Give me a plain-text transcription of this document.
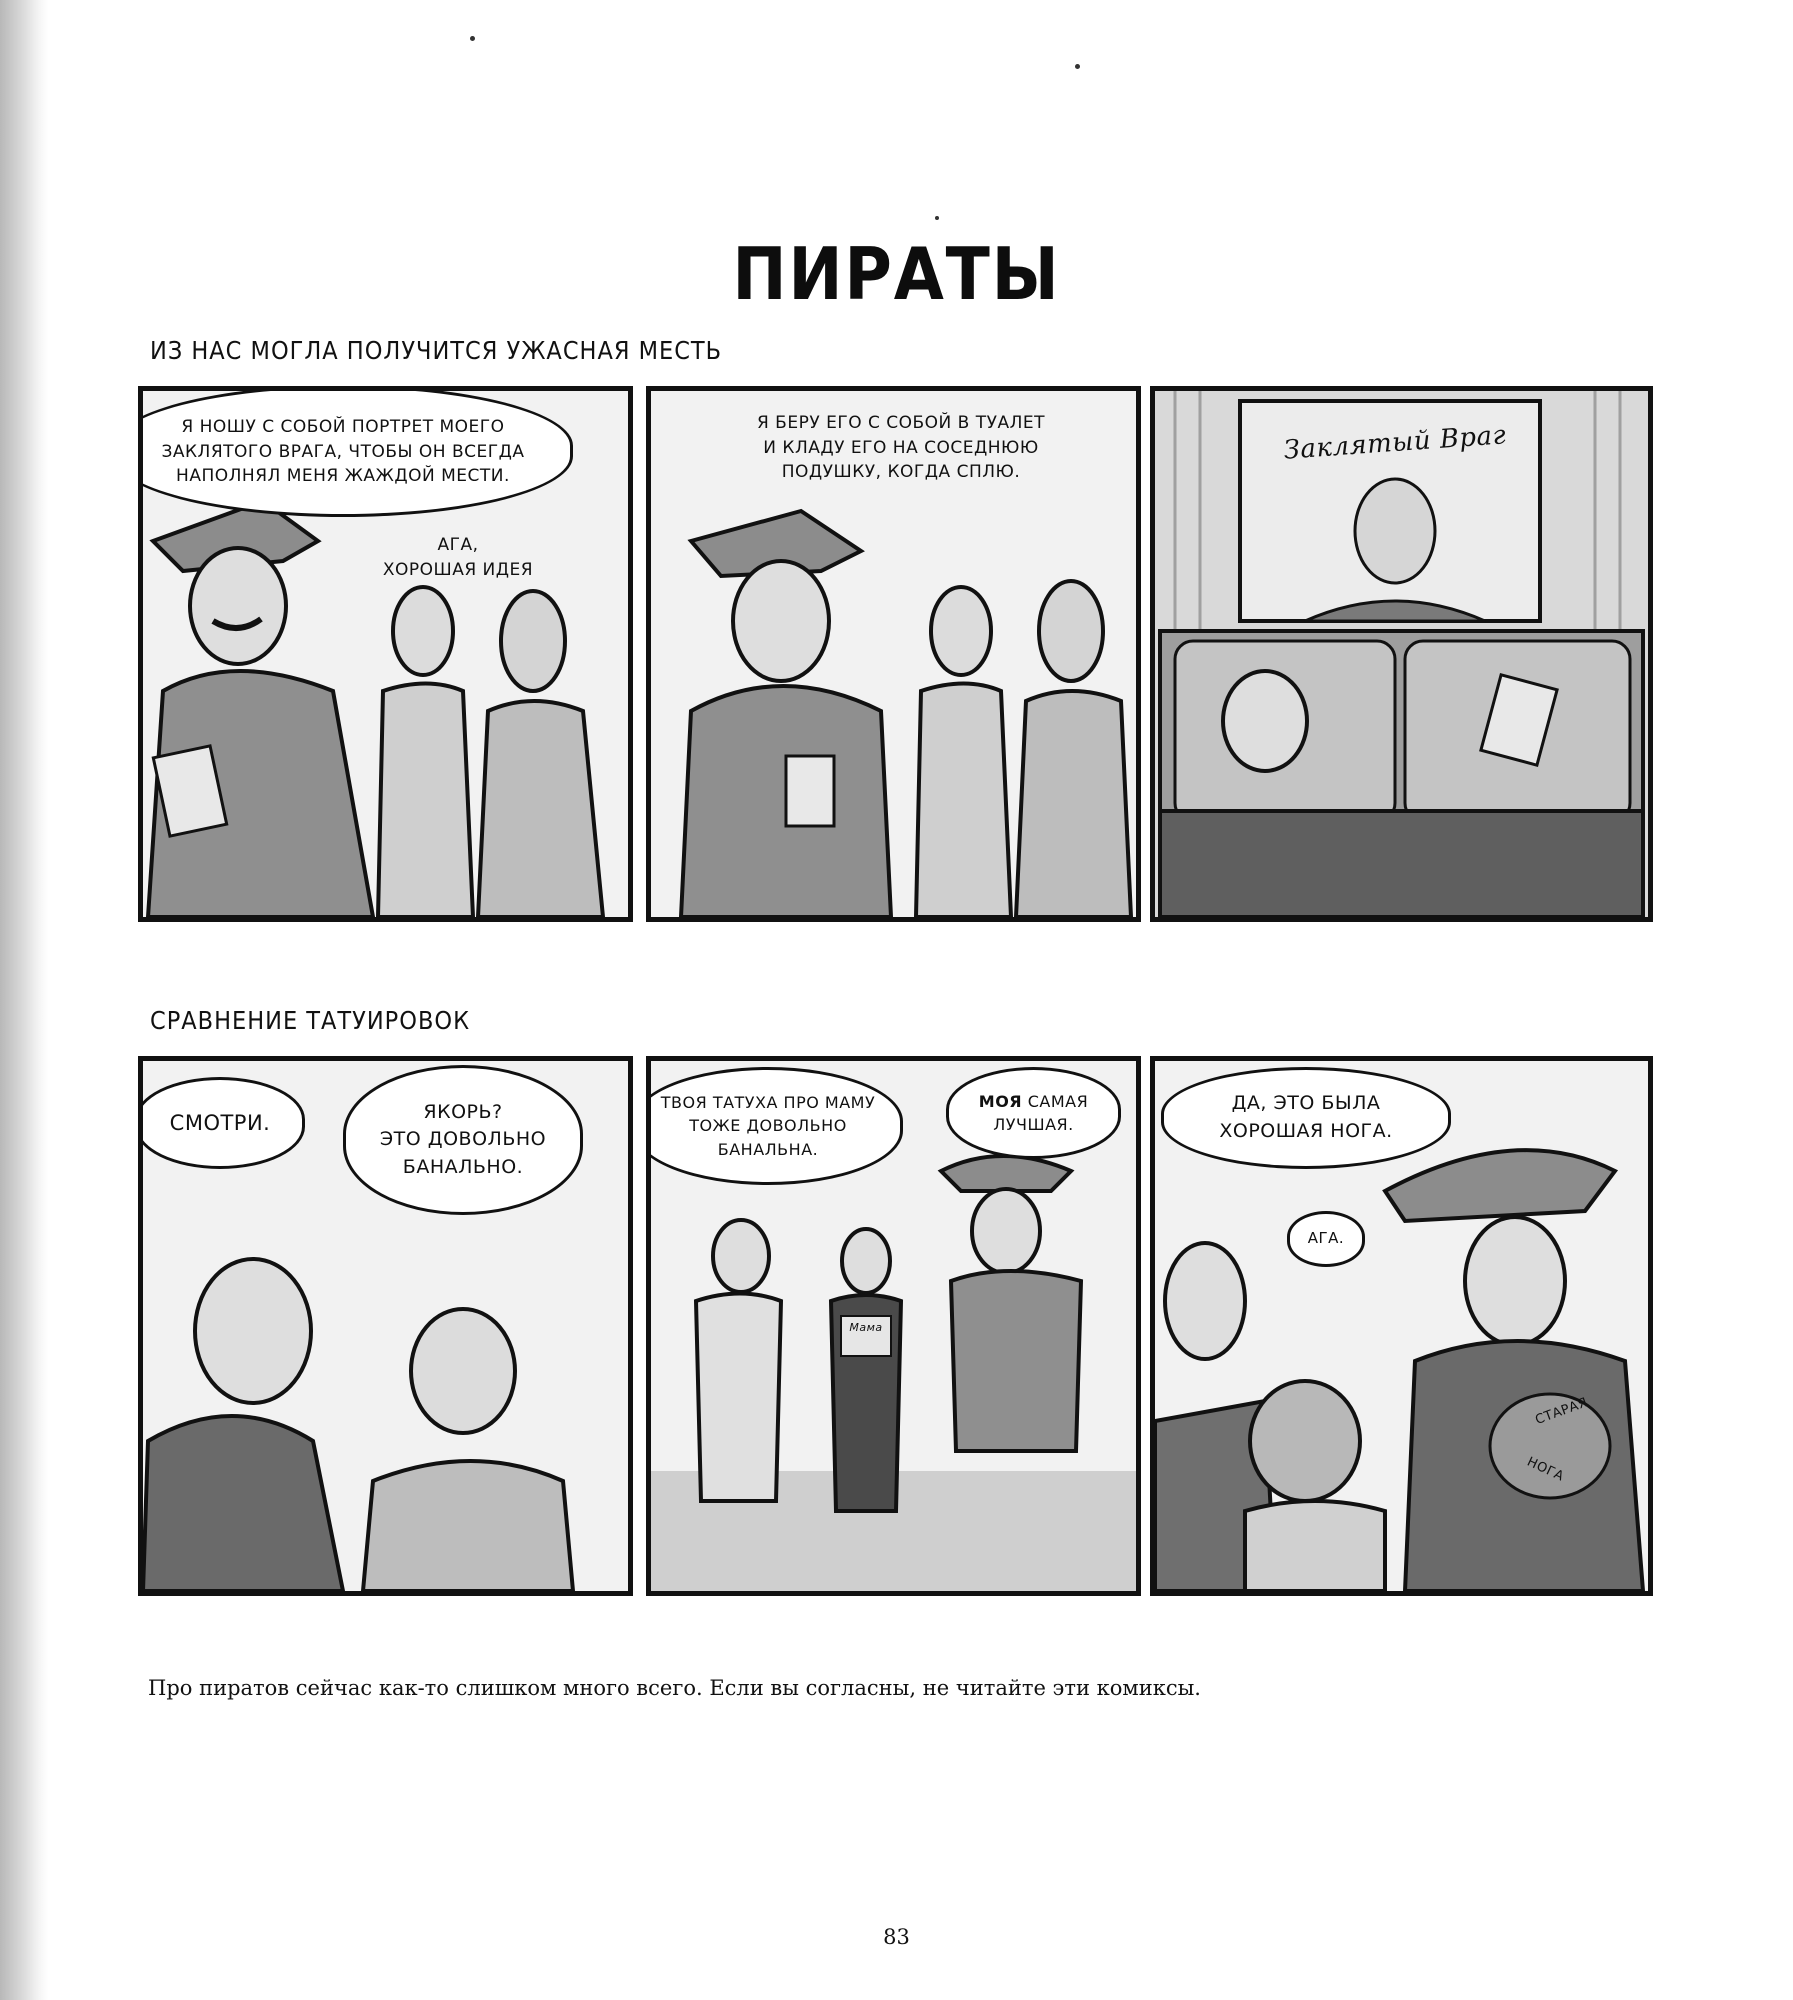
ПИРАТЫ
ИЗ НАС МОГЛА ПОЛУЧИТСЯ УЖАСНАЯ МЕСТЬ
Я НОШУ С СОБОЙ ПОРТРЕТ МОЕГО
ЗАКЛЯТОГО ВРАГА, ЧТОБЫ ОН ВСЕГДА
НАПОЛНЯЛ МЕНЯ ЖАЖДОЙ МЕСТИ.
АГА,
ХОРОШАЯ ИДЕЯ
Я БЕРУ ЕГО С СОБОЙ В ТУАЛЕТ
И КЛАДУ ЕГО НА СОСЕДНЮЮ
ПОДУШКУ, КОГДА СПЛЮ.
Заклятый Враг
СРАВНЕНИЕ ТАТУИРОВОК
СМОТРИ.	ЯКОРЬ?
ЭТО ДОВОЛЬНО
БАНАЛЬНО.
ТВОЯ ТАТУХА ПРО МАМУ
ТОЖЕ ДОВОЛЬНО
БАНАЛЬНА.
МОЯ САМАЯ
ЛУЧШАЯ.
Мама
ДА, ЭТО БЫЛА
ХОРОШАЯ НОГА.
АГА.
СТАРАЯ
НОГА

Про пиратов сейчас как-то слишком много всего. Если вы согласны, не читайте эти комиксы.

83
